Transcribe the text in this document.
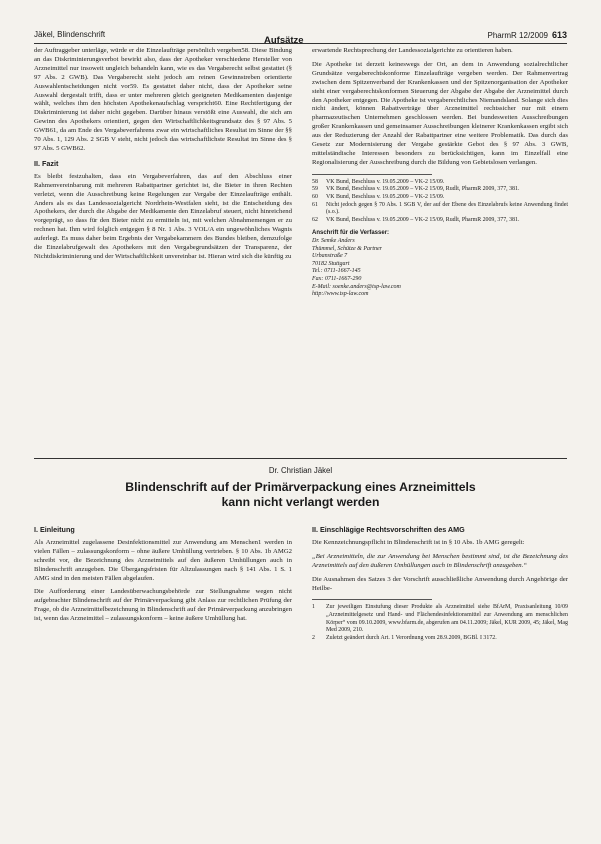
Jäkel, Blindenschrift
Aufsätze	PharmR 12/2009 613

der Auftraggeber unterläge, würde er die Einzelaufträge persönlich vergeben58. Diese Bindung an das Diskriminierungsverbot bewirkt also, dass der Apotheker verschiedene Hersteller von Arzneimittel nur insoweit ungleich behandeln kann, wie es das Vergaberecht selbst gestattet (§ 97 Abs. 2 GWB). Das Vergaberecht sieht jedoch am reinen Gewinnstreben orientierte Auswahlentscheidungen nicht vor59. Es gestattet daher nicht, dass der Apotheker seine Auswahl dergestalt trifft, dass er unter mehreren gleich geeigneten Medikamenten dasjenige wählt, welches ihm den höchsten Apothekenaufschlag verspricht60. Eine Rechtfertigung der Diskriminierung ist daher nicht gegeben. Darüber hinaus verstößt eine Auswahl, die sich am Gewinn des Apothekers orientiert, gegen den Wirtschaftlichkeitsgrundsatz des § 97 Abs. 5 GWB61, da am Ende des Vergabeverfahrens zwar ein wirtschaftliches Resultat im Sinne der §§ 70 Abs. 1, 129 Abs. 2 SGB V steht, nicht jedoch das wirtschaftlichste Resultat im Sinne des § 97 Abs. 5 GWB62.

II. Fazit

Es bleibt festzuhalten, dass ein Vergabeverfahren, das auf den Abschluss einer Rahmenvereinbarung mit mehreren Rabattpartner gerichtet ist, die Bieter in ihren Rechten verletzt, wenn die Ausschreibung keine Regelungen zur Vergabe der Einzelaufträge enthält. Anders als es das Landessozialgericht Nordrhein-Westfalen sieht, ist die Entscheidung des Apothekers, der durch die Abgabe der Medikamente den Einzelabruf steuert, nicht hinreichend vorgeprägt, so dass für den Bieter nicht zu ermitteln ist, mit welchen Abnahmemengen er zu rechnen hat. Ihm wird folglich entgegen § 8 Nr. 1 Abs. 3 VOL/A ein ungewöhnliches Wagnis auferlegt. Es muss daher beim Ergebnis der Vergabekammern des Bundes bleiben, demzufolge die Einzelabrufgewalt des Apothekers mit den Vergabegrundsätzen der Transparenz, der Nichtdiskriminierung und der Wirtschaftlichkeit unvereinbar ist. Hieran wird sich die künftig zu

erwartende Rechtsprechung der Landessozialgerichte zu orientieren haben.

Die Apotheke ist derzeit keineswegs der Ort, an dem in Anwendung sozialrechtlicher Grundsätze vergaberechtskonforme Einzelaufträge vergeben werden. Der Rahmenvertrag zwischen dem Spitzenverband der Krankenkassen und der Spitzenorganisation der Apotheker steht einer vergaberechtskonformen Steuerung der Abgabe der Abgabe der Arzneimittel durch den Apotheker entgegen. Die Apotheke ist vergaberechtliches Niemandsland. Solange sich dies nicht ändert, können Rabattverträge über Arzneimittel rechtssicher nur mit einem pharmazeutischen Unternehmen geschlossen werden. Bei bundesweiten Ausschreibungen großer Krankenkassen und gemeinsamer Ausschreibungen kleinerer Krankenkassen ergibt sich aus der Reduzierung der Anzahl der Rabattpartner eine weitere Problematik. Das durch das Gesetz zur Modernisierung der Vergabe gestärkte Gebot des § 97 Abs. 3 GWB, mittelständische Interessen besonders zu berücksichtigen, kann im Einzelfall eine Regionalisierung der Ausschreibung durch die Bildung von Gebietslosen verlangen.

58	VK Bund, Beschluss v. 19.05.2009 – VK-2 15/09.
59	VK Bund, Beschluss v. 19.05.2009 – VK-2 15/09, Rudlt, PharmR 2009, 377, 381.
60	VK Bund, Beschluss v. 19.05.2009 – VK-2 15/09.
61	Nicht jedoch gegen § 70 Abs. 1 SGB V, der auf der Ebene des Einzelabrufs keine Anwendung findet (s.o.).
62	VK Bund, Beschluss v. 19.05.2009 – VK-2 15/09, Rudlt, PharmR 2009, 377, 381.
Anschrift für die Verfasser:
Dr. Semke Anders
Thümmel, Schütze & Partner
Urbanstraße 7
70182 Stuttgart
Tel.: 0711-1667-145
Fax: 0711-1667-290
E-Mail: soenke.anders@tsp-law.com
http://www.tsp-law.com
Dr. Christian Jäkel
Blindenschrift auf der Primärverpackung eines Arzneimittels
kann nicht verlangt werden
I. Einleitung

Als Arzneimittel zugelassene Desinfektionsmittel zur Anwendung am Menschen1 werden in vielen Fällen – zulassungskonform – ohne äußere Umhüllung vertrieben. § 10 Abs. 1b AMG2 schreibt vor, die Bezeichnung des Arzneimittels auf den äußeren Umhüllungen auch in Blindenschrift anzugeben. Die Übergangsfristen für Altzulassungen nach § 141 Abs. 1 S. 1 AMG sind in den meisten Fällen abgelaufen.

Die Aufforderung einer Landesüberwachungsbehörde zur Stellungnahme wegen nicht aufgebrachter Blindenschrift auf der Primärverpackung gibt Anlass zur rechtlichen Prüfung der Frage, ob die Arzneimittelbezeichnung in Blindenschrift auf der Primärverpackung anzubringen ist, wenn das Arzneimittel – zulassungskonform – keine äußere Umhüllung hat.

II. Einschlägige Rechtsvorschriften des AMG

Die Kennzeichnungspflicht in Blindenschrift ist in § 10 Abs. 1b AMG geregelt:

„Bei Arzneimitteln, die zur Anwendung bei Menschen bestimmt sind, ist die Bezeichnung des Arzneimittels auf den äußeren Umhüllungen auch in Blindenschrift anzugeben.“

Die Ausnahmen des Satzes 3 der Vorschrift ausschließliche Anwendung durch Angehörige der Heilbe-

1	Zur jeweiligen Einstufung dieser Produkte als Arzneimittel siehe BfArM, Praxisanleitung 10/09 „Arzneimittelgesetz und Hand- und Flächendesinfektionsmittel zur Anwendung am menschlichen Körper“ vom 09.10.2009, www.bfarm.de, abgerufen am 04.11.2009; Jäkel, KUR 2009, 45; Jäkel, Mag Med 2009, 210.
2	Zuletzt geändert durch Art. 1 Verordnung vom 28.9.2009, BGBl. I 3172.
